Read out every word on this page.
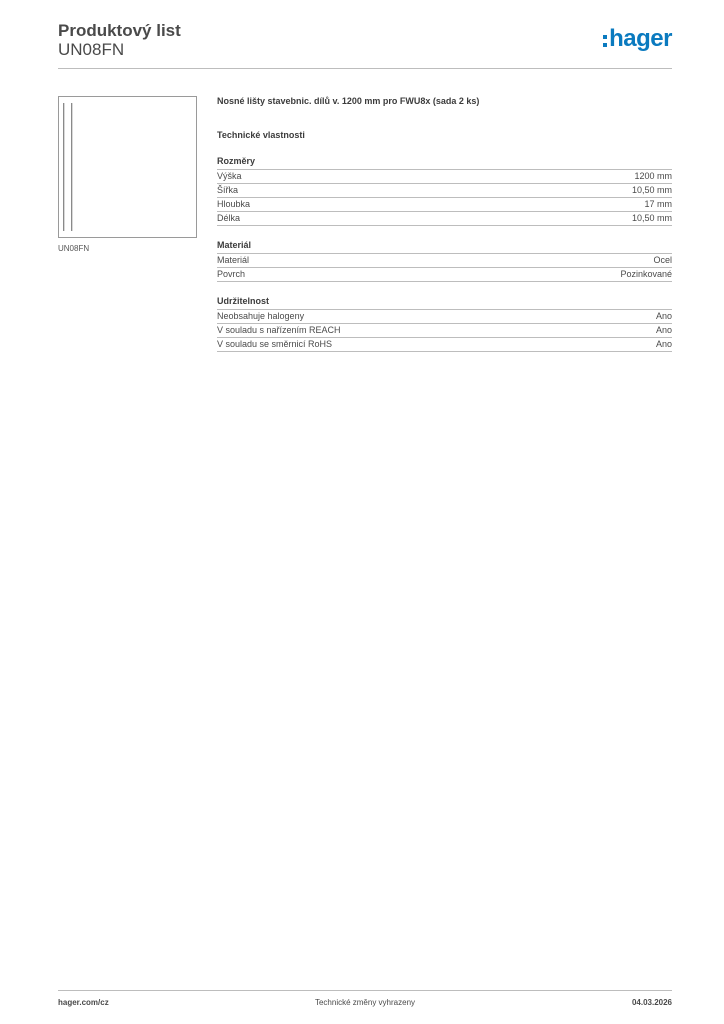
Produktový list
UN08FN	hager
UN08FN

Nosné lišty stavebnic. dílů v. 1200 mm pro FWU8x (sada 2 ks)

Technické vlastnosti

Rozměry
Výška	1200 mm
Šířka	10,50 mm
Hloubka	17 mm
Délka	10,50 mm
Materiál
Materiál	Ocel
Povrch	Pozinkované
Udržitelnost
Neobsahuje halogeny	Ano
V souladu s nařízením REACH	Ano
V souladu se směrnicí RoHS	Ano
Technické změny vyhrazeny
hager.com/cz	04.03.2026
